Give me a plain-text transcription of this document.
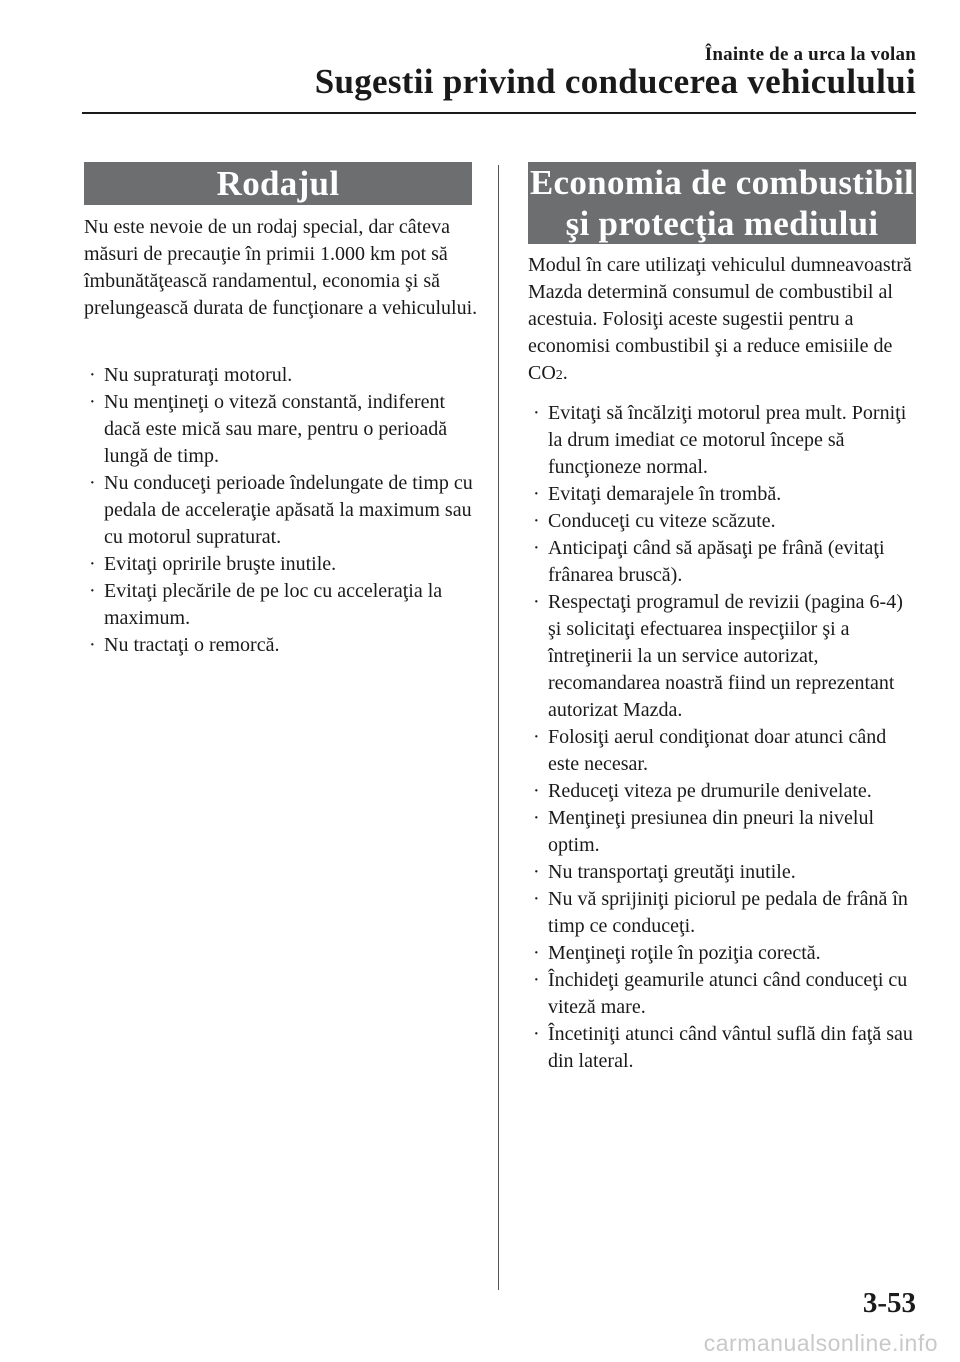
Înainte de a urca la volan
Sugestii privind conducerea vehiculului
Rodajul

Nu este nevoie de un rodaj special, dar câteva măsuri de precauţie în primii 1.000 km pot să îmbunătăţească randamentul, economia şi să prelungească durata de funcţionare a vehiculului.

· Nu supraturaţi motorul.
· Nu menţineţi o viteză constantă, indiferent dacă este mică sau mare, pentru o perioadă lungă de timp.
· Nu conduceţi perioade îndelungate de timp cu pedala de acceleraţie apăsată la maximum sau cu motorul supraturat.
· Evitaţi opririle bruşte inutile.
· Evitaţi plecările de pe loc cu acceleraţia la maximum.
· Nu tractaţi o remorcă.
Economia de combustibil
şi protecţia mediului

Modul în care utilizaţi vehiculul dumneavoastră Mazda determină consumul de combustibil al acestuia. Folosiţi aceste sugestii pentru a economisi combustibil şi a reduce emisiile de CO2.

· Evitaţi să încălziţi motorul prea mult. Porniţi la drum imediat ce motorul începe să funcţioneze normal.
· Evitaţi demarajele în trombă.
· Conduceţi cu viteze scăzute.
· Anticipaţi când să apăsaţi pe frână (evitaţi frânarea bruscă).
· Respectaţi programul de revizii (pagina 6-4) şi solicitaţi efectuarea inspecţiilor şi a întreţinerii la un service autorizat, recomandarea noastră fiind un reprezentant autorizat Mazda.
· Folosiţi aerul condiţionat doar atunci când este necesar.
· Reduceţi viteza pe drumurile denivelate.
· Menţineţi presiunea din pneuri la nivelul optim.
· Nu transportaţi greutăţi inutile.
· Nu vă sprijiniţi piciorul pe pedala de frână în timp ce conduceţi.
· Menţineţi roţile în poziţia corectă.
· Închideţi geamurile atunci când conduceţi cu viteză mare.
· Încetiniţi atunci când vântul suflă din faţă sau din lateral.
3-53
carmanualsonline.info
